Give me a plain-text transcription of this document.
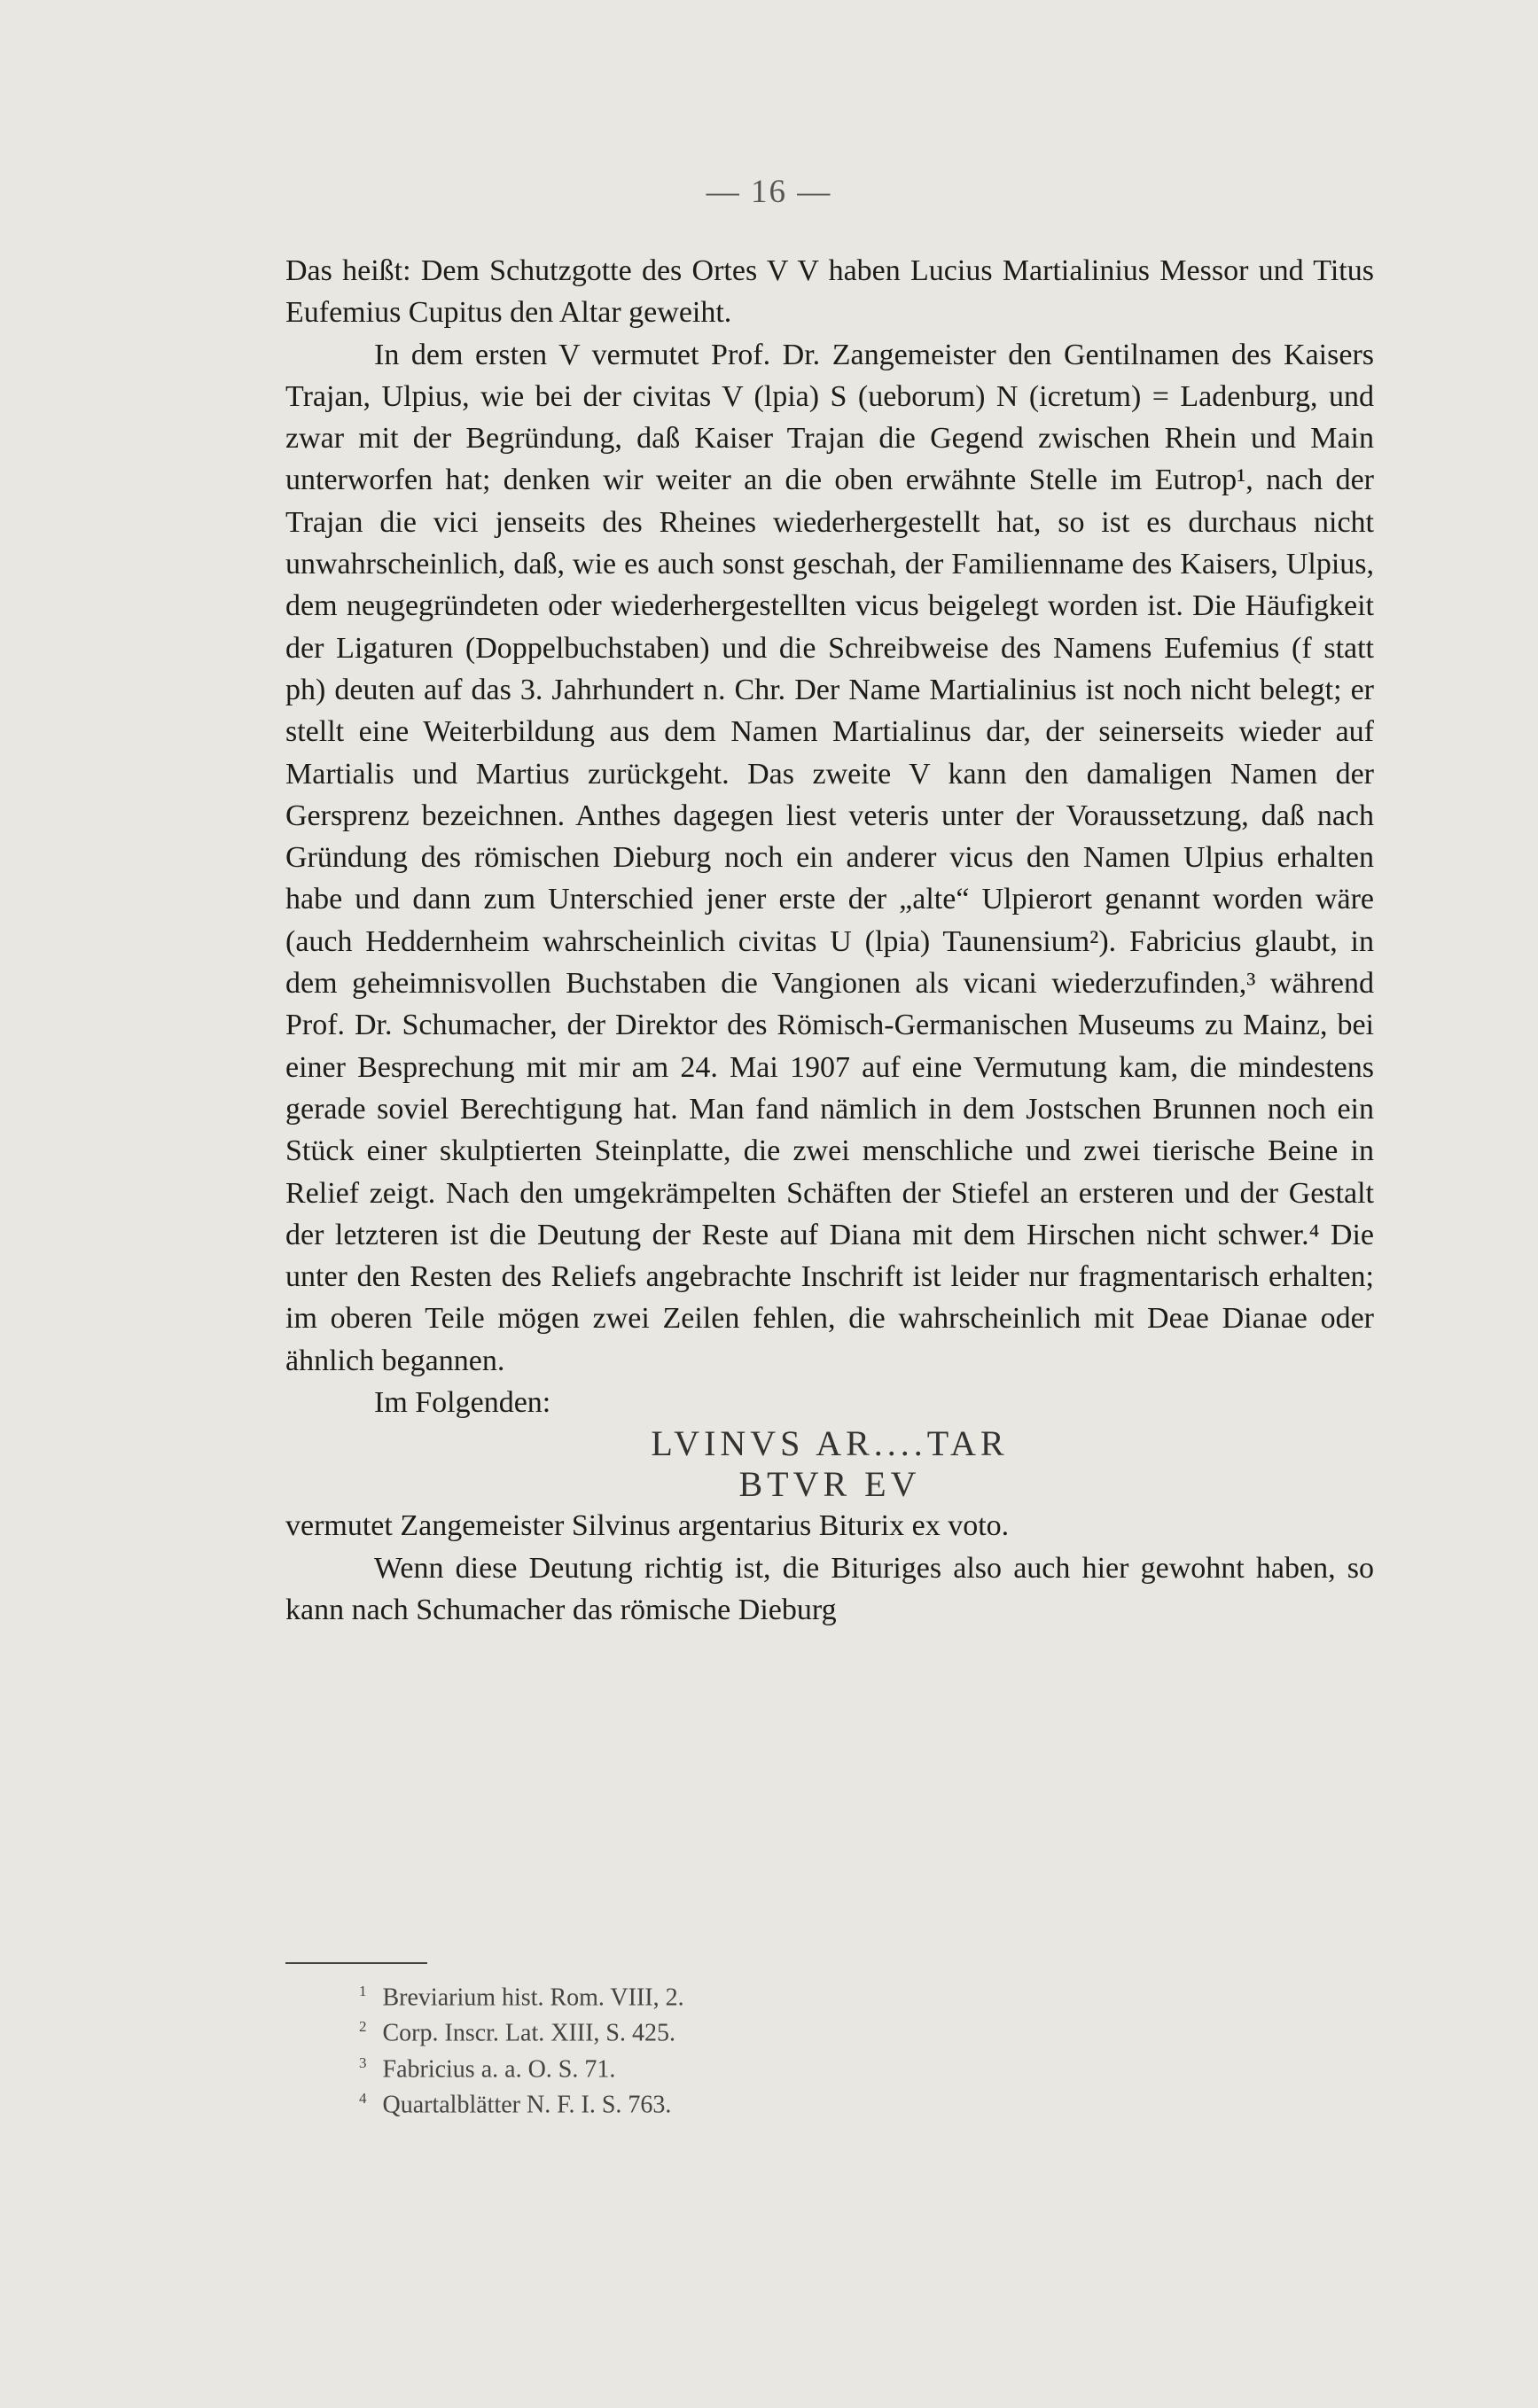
— 16 —

Das heißt: Dem Schutzgotte des Ortes V V haben Lucius Martialinius Messor und Titus Eufemius Cupitus den Altar geweiht.

In dem ersten V vermutet Prof. Dr. Zangemeister den Gentilnamen des Kaisers Trajan, Ulpius, wie bei der civitas V (lpia) S (ueborum) N (icretum) = Ladenburg, und zwar mit der Begründung, daß Kaiser Trajan die Gegend zwischen Rhein und Main unterworfen hat; denken wir weiter an die oben erwähnte Stelle im Eutrop¹, nach der Trajan die vici jenseits des Rheines wiederhergestellt hat, so ist es durchaus nicht unwahrscheinlich, daß, wie es auch sonst geschah, der Familienname des Kaisers, Ulpius, dem neugegründeten oder wiederhergestellten vicus beigelegt worden ist. Die Häufigkeit der Ligaturen (Doppelbuchstaben) und die Schreibweise des Namens Eufemius (f statt ph) deuten auf das 3. Jahrhundert n. Chr. Der Name Martialinius ist noch nicht belegt; er stellt eine Weiterbildung aus dem Namen Martialinus dar, der seinerseits wieder auf Martialis und Martius zurückgeht. Das zweite V kann den damaligen Namen der Gersprenz bezeichnen. Anthes dagegen liest veteris unter der Voraussetzung, daß nach Gründung des römischen Dieburg noch ein anderer vicus den Namen Ulpius erhalten habe und dann zum Unterschied jener erste der „alte“ Ulpierort genannt worden wäre (auch Heddernheim wahrscheinlich civitas U (lpia) Taunensium²). Fabricius glaubt, in dem geheimnisvollen Buchstaben die Vangionen als vicani wiederzufinden,³ während Prof. Dr. Schumacher, der Direktor des Römisch-Germanischen Museums zu Mainz, bei einer Besprechung mit mir am 24. Mai 1907 auf eine Vermutung kam, die mindestens gerade soviel Berechtigung hat. Man fand nämlich in dem Jostschen Brunnen noch ein Stück einer skulptierten Steinplatte, die zwei menschliche und zwei tierische Beine in Relief zeigt. Nach den umgekrämpelten Schäften der Stiefel an ersteren und der Gestalt der letzteren ist die Deutung der Reste auf Diana mit dem Hirschen nicht schwer.⁴ Die unter den Resten des Reliefs angebrachte Inschrift ist leider nur fragmentarisch erhalten; im oberen Teile mögen zwei Zeilen fehlen, die wahrscheinlich mit Deae Dianae oder ähnlich begannen.

Im Folgenden:

LVINVS AR....TAR

BTVR EV

vermutet Zangemeister Silvinus argentarius Biturix ex voto.

Wenn diese Deutung richtig ist, die Bituriges also auch hier gewohnt haben, so kann nach Schumacher das römische Dieburg

$^1$ Breviarium hist. Rom. VIII, 2.

$^2$ Corp. Inscr. Lat. XIII, S. 425.

$^3$ Fabricius a. a. O. S. 71.

$^4$ Quartalblätter N. F. I. S. 763.
